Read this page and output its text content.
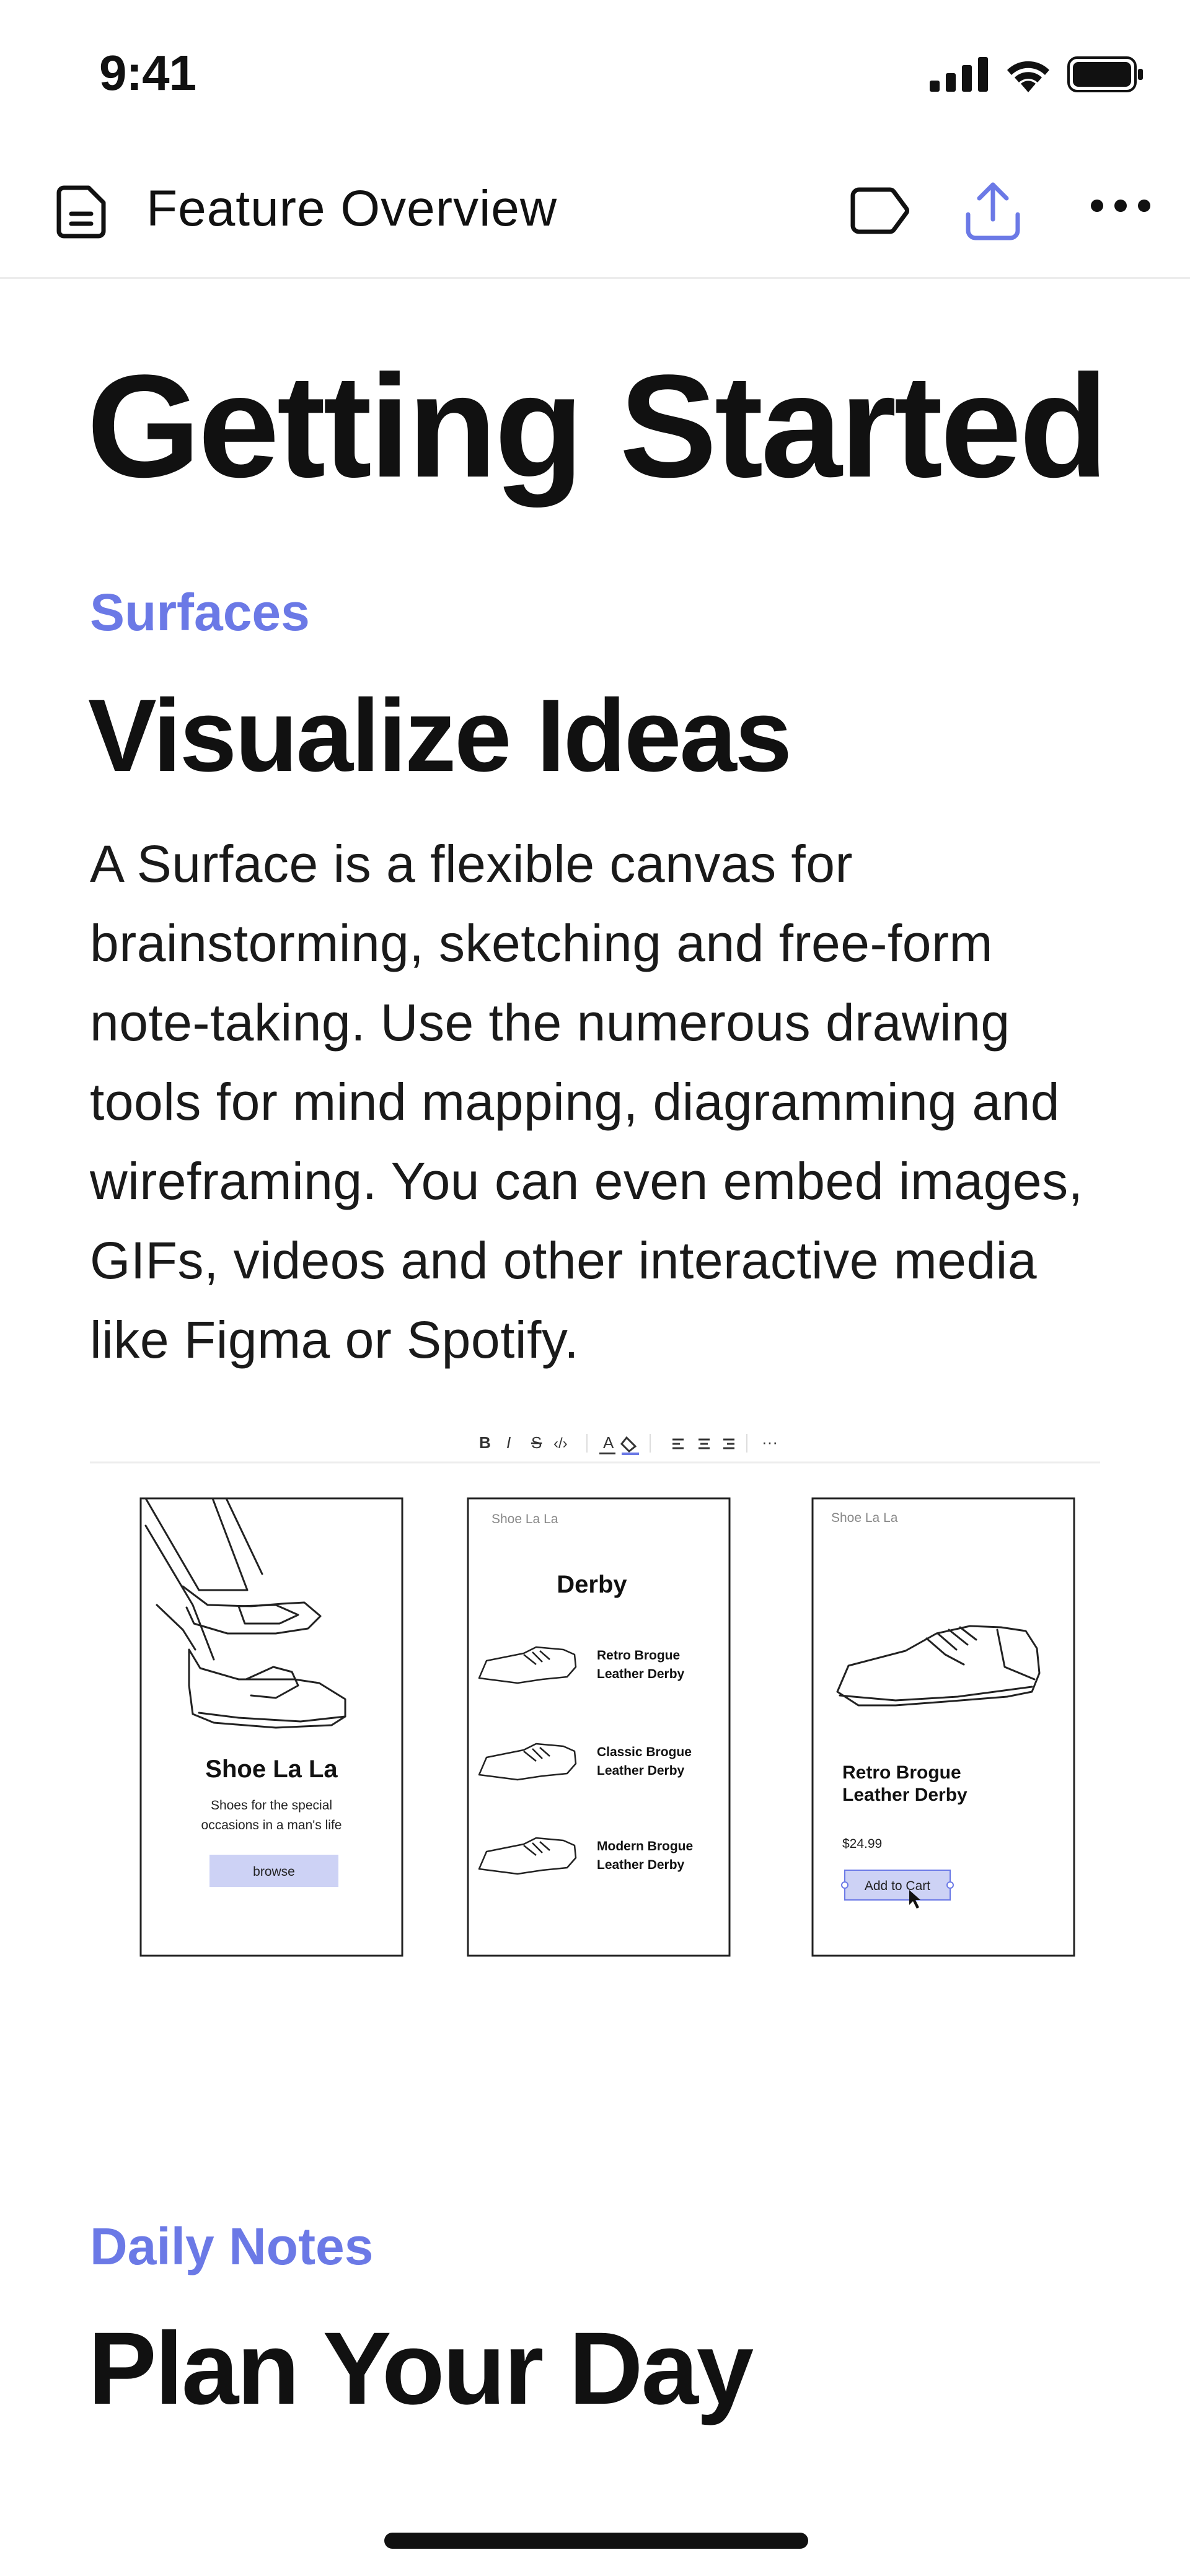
9:41
Feature Overview
Getting Started
Surfaces
Visualize Ideas
A Surface is a flexible canvas for brainstorming, sketching and free-form note-taking. Use the numerous drawing tools for mind mapping, diagramming and wireframing. You can even embed images, GIFs, videos and other interactive media like Figma or Spotify.
B I S ‹/› A	···
Shoe La La
Shoes for the special
occasions in a man's life
browse
Shoe La La
Derby
Retro Brogue
Leather Derby
Classic Brogue
Leather Derby
Modern Brogue
Leather Derby
Shoe La La
Retro Brogue
Leather Derby
$24.99
Add to Cart
Daily Notes
Plan Your Day
